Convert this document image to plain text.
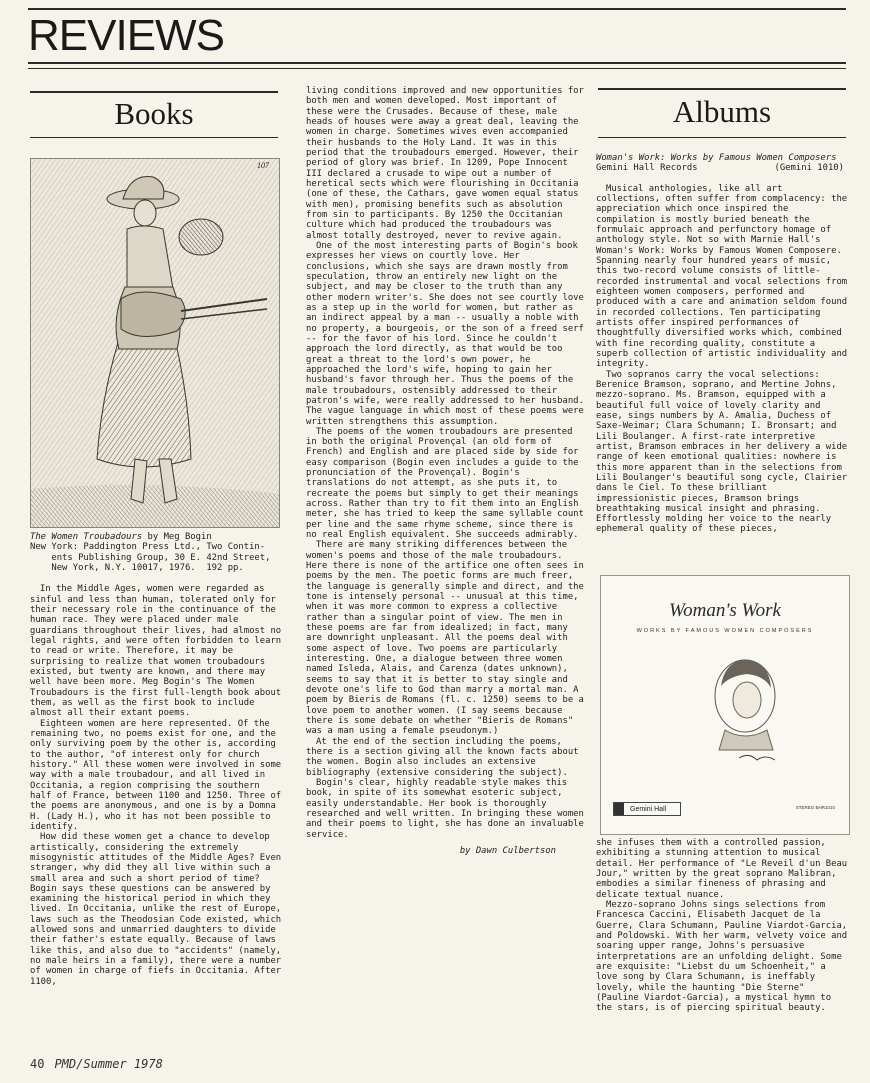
REVIEWS
Books
107
The Women Troubadours by Meg Bogin
New York: Paddington Press Ltd., Two Contin-
ents Publishing Group, 30 E. 42nd Street,
New York, N.Y. 10017, 1976.  192 pp.

In the Middle Ages, women were regarded as sinful and less than human, tolerated only for their necessary role in the continuance of the human race. They were placed under male guardians throughout their lives, had almost no legal rights, and were often forbidden to learn to read or write. Therefore, it may be surprising to realize that women troubadours existed, but twenty are known, and there may well have been more. Meg Bogin's The Women Troubadours is the first full-length book about them, as well as the first book to include almost all their extant poems.

Eighteen women are here represented. Of the remaining two, no poems exist for one, and the only surviving poem by the other is, according to the author, "of interest only for church history." All these women were involved in some way with a male troubadour, and all lived in Occitania, a region comprising the southern half of France, between 1100 and 1250. Three of the poems are anonymous, and one is by a Domna H. (Lady H.), who it has not been possible to identify.

How did these women get a chance to develop artistically, considering the extremely misogynistic attitudes of the Middle Ages? Even stranger, why did they all live within such a small area and such a short period of time? Bogin says these questions can be answered by examining the historical period in which they lived. In Occitania, unlike the rest of Europe, laws such as the Theodosian Code existed, which allowed sons and unmarried daughters to divide their father's estate equally. Because of laws like this, and also due to "accidents" (namely, no male heirs in a family), there were a number of women in charge of fiefs in Occitania. After 1100,

living conditions improved and new opportunities for both men and women developed. Most important of these were the Crusades. Because of these, male heads of houses were away a great deal, leaving the women in charge. Sometimes wives even accompanied their husbands to the Holy Land. It was in this period that the troubadours emerged. However, their period of glory was brief. In 1209, Pope Innocent III declared a crusade to wipe out a number of heretical sects which were flourishing in Occitania (one of these, the Cathars, gave women equal status with men), promising benefits such as absolution from sin to participants. By 1250 the Occitanian culture which had produced the troubadours was almost totally destroyed, never to revive again.

One of the most interesting parts of Bogin's book expresses her views on courtly love. Her conclusions, which she says are drawn mostly from speculation, throw an entirely new light on the subject, and may be closer to the truth than any other modern writer's. She does not see courtly love as a step up in the world for women, but rather as an indirect appeal by a man -- usually a noble with no property, a bourgeois, or the son of a freed serf -- for the favor of his lord. Since he couldn't approach the lord directly, as that would be too great a threat to the lord's own power, he approached the lord's wife, hoping to gain her husband's favor through her. Thus the poems of the male troubadours, ostensibly addressed to their patron's wife, were really addressed to her husband. The vague language in which most of these poems were written strengthens this assumption.

The poems of the women troubadours are presented in both the original Provençal (an old form of French) and English and are placed side by side for easy comparison (Bogin even includes a guide to the pronunciation of the Provençal). Bogin's translations do not attempt, as she puts it, to recreate the poems but simply to get their meanings across. Rather than try to fit them into an English meter, she has tried to keep the same syllable count per line and the same rhyme scheme, since there is no real English equivalent. She succeeds admirably.

There are many striking differences between the women's poems and those of the male troubadours. Here there is none of the artifice one often sees in poems by the men. The poetic forms are much freer, the language is generally simple and direct, and the tone is intensely personal -- unusual at this time, when it was more common to express a collective rather than a singular point of view. The men in these poems are far from idealized; in fact, many are downright unpleasant. All the poems deal with some aspect of love. Two poems are particularly interesting. One, a dialogue between three women named Isleda, Alais, and Carenza (dates unknown), seems to say that it is better to stay single and devote one's life to God than marry a mortal man. A poem by Bieris de Romans (fl. c. 1250) seems to be a love poem to another women. (I say seems because there is some debate on whether "Bieris de Romans" was a man using a female pseudonym.)

At the end of the section including the poems, there is a section giving all the known facts about the women. Bogin also includes an extensive bibliography (extensive considering the subject).

Bogin's clear, highly readable style makes this book, in spite of its somewhat esoteric subject, easily understandable. Her book is thoroughly researched and well written. In bringing these women and their poems to light, she has done an invaluable service.

by Dawn Culbertson

Albums
Woman's Work: Works by Famous Women Composers
Gemini Hall Records	(Gemini 1010)

Musical anthologies, like all art collections, often suffer from complacency: the appreciation which once inspired the compilation is mostly buried beneath the formulaic approach and perfunctory homage of anthology style. Not so with Marnie Hall's Woman's Work: Works by Famous Women Composere. Spanning nearly four hundred years of music, this two-record volume consists of little-recorded instrumental and vocal selections from eighteen women composers, performed and produced with a care and animation seldom found in recorded collections. Ten participating artists offer inspired performances of thoughtfully diversified works which, combined with fine recording quality, constitute a superb collection of artistic individuality and integrity.

Two sopranos carry the vocal selections: Berenice Bramson, soprano, and Mertine Johns, mezzo-soprano. Ms. Bramson, equipped with a beautiful full voice of lovely clarity and ease, sings numbers by A. Amalia, Duchess of Saxe-Weimar; Clara Schumann; I. Bronsart; and Lili Boulanger. A first-rate interpretive artist, Bramson embraces in her delivery a wide range of keen emotional qualities: nowhere is this more apparent than in the selections from Lili Boulanger's beautiful song cycle, Clairier dans le Ciel. To these brilliant impressionistic pieces, Bramson brings breathtaking musical insight and phrasing. Effortlessly molding her voice to the nearly ephemeral quality of these pieces,

Woman's Work
WORKS BY FAMOUS WOMEN COMPOSERS
Gemini Hall	STEREO BHR1010

she infuses them with a controlled passion, exhibiting a stunning attention to musical detail. Her performance of "Le Reveil d'un Beau Jour," written by the great soprano Malibran, embodies a similar fineness of phrasing and delicate textual nuance.

Mezzo-soprano Johns sings selections from Francesca Caccini, Elisabeth Jacquet de la Guerre, Clara Schumann, Pauline Viardot-Garcia, and Poldowski. With her warm, velvety voice and soaring upper range, Johns's persuasive interpretations are an unfolding delight. Some are exquisite: "Liebst du um Schoenheit," a love song by Clara Schumann, is ineffably lovely, while the haunting "Die Sterne" (Pauline Viardot-Garcia), a mystical hymn to the stars, is of piercing spiritual beauty.

40 PMD/Summer 1978
